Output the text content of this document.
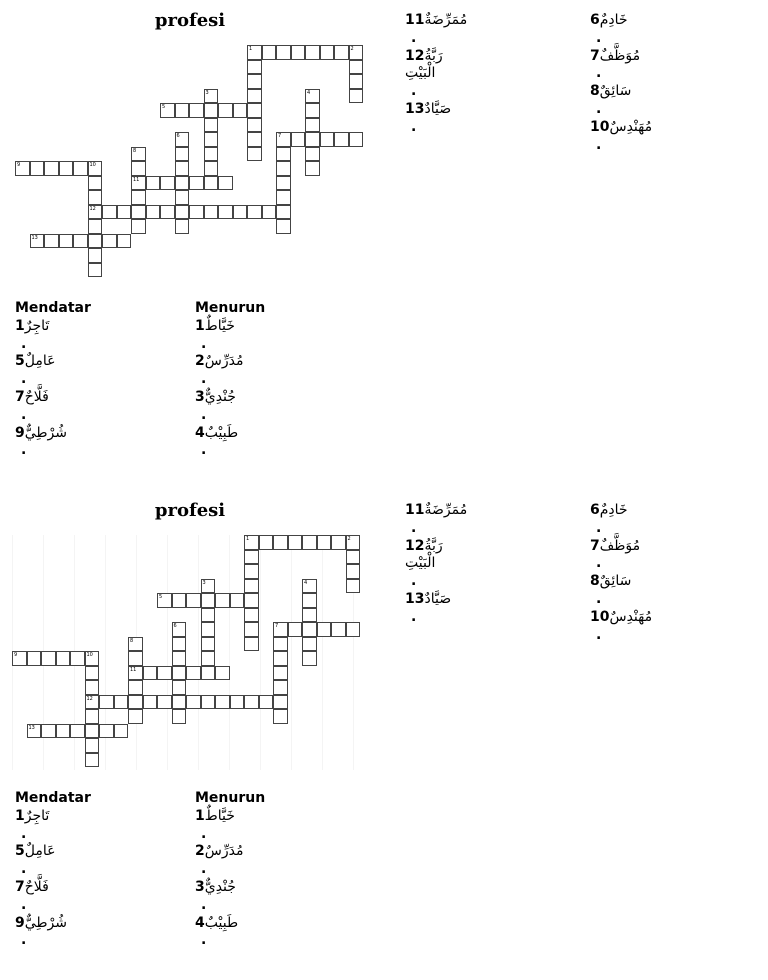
profesi
1	2
3
5
4
7
6
8
11
9	10
12
13
Mendatar
1تَاجِرٌ
.
5عَامِلٌ
.
7فَلَّاحٌ
.
9شُرْطِيٌّ
.
Menurun
1خَيَّاطٌ
.
2مُدَرِّسٌ
.
3جُنْدِيٌّ
.
4طَبِيْبٌ
.
11مُمَرِّضَةٌ
.
12رَبَّةُ الْبَيْتِ
.
13صَيَّادٌ
.
6خَادِمٌ
.
7مُوَظَّفٌ
.
8سَائِقٌ
.
10مُهَنْدِسٌ
.
profesi
1	2
3
5
4
7
6
8
11
9	10
12
13
Mendatar
1تَاجِرٌ
.
5عَامِلٌ
.
7فَلَّاحٌ
.
9شُرْطِيٌّ
.
Menurun
1خَيَّاطٌ
.
2مُدَرِّسٌ
.
3جُنْدِيٌّ
.
4طَبِيْبٌ
.
11مُمَرِّضَةٌ
.
12رَبَّةُ الْبَيْتِ
.
13صَيَّادٌ
.
6خَادِمٌ
.
7مُوَظَّفٌ
.
8سَائِقٌ
.
10مُهَنْدِسٌ
.
